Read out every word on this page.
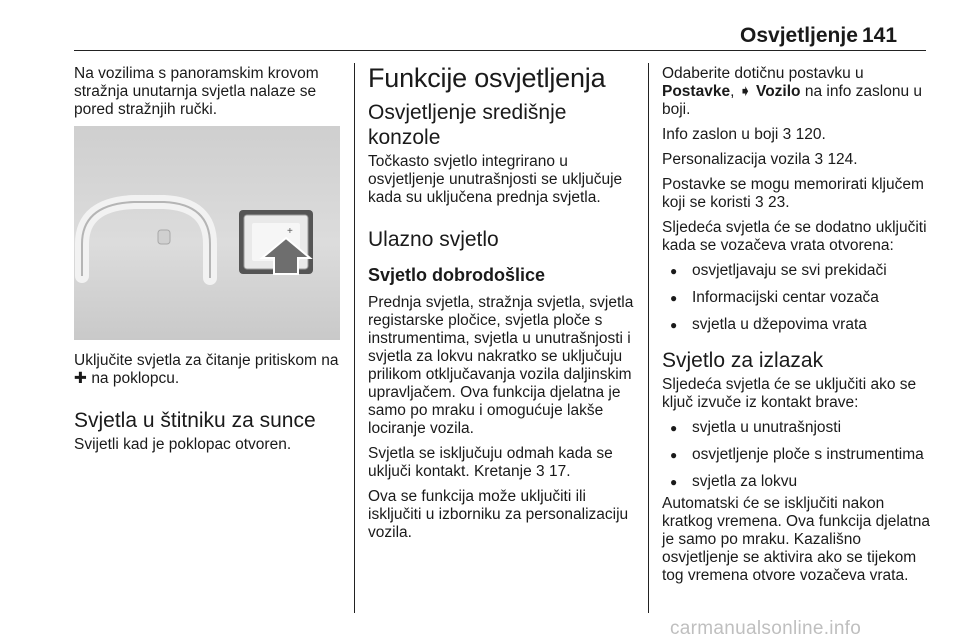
Osvjetljenje 141

Na vozilima s panoramskim krovom stražnja unutarnja svjetla nalaze se pored stražnjih ručki.

+

Uključite svjetla za čitanje pritiskom na ✚ na poklopcu.

Svjetla u štitniku za sunce

Svijetli kad je poklopac otvoren.

Funkcije osvjetljenja
Osvjetljenje središnje konzole

Točkasto svjetlo integrirano u osvjetljenje unutrašnjosti se uključuje kada su uključena prednja svjetla.

Ulazno svjetlo
Svjetlo dobrodošlice

Prednja svjetla, stražnja svjetla, svjetla registarske pločice, svjetla ploče s instrumentima, svjetla u unutrašnjosti i svjetla za lokvu nakratko se uključuju prilikom otključavanja vozila daljinskim upravljačem. Ova funkcija djelatna je samo po mraku i omogućuje lakše lociranje vozila.

Svjetla se isključuju odmah kada se uključi kontakt. Kretanje 3 17.

Ova se funkcija može uključiti ili isključiti u izborniku za personalizaciju vozila.

Odaberite dotičnu postavku u Postavke, ➧ Vozilo na info zaslonu u boji.

Info zaslon u boji 3 120.

Personalizacija vozila 3 124.

Postavke se mogu memorirati ključem koji se koristi 3 23.

Sljedeća svjetla će se dodatno uključiti kada se vozačeva vrata otvorena:

● osvjetljavaju se svi prekidači
● Informacijski centar vozača
● svjetla u džepovima vrata
Svjetlo za izlazak

Sljedeća svjetla će se uključiti ako se ključ izvuče iz kontakt brave:

● svjetla u unutrašnjosti
● osvjetljenje ploče s instrumentima
● svjetla za lokvu

Automatski će se isključiti nakon kratkog vremena. Ova funkcija djelatna je samo po mraku. Kazališno osvjetljenje se aktivira ako se tijekom tog vremena otvore vozačeva vrata.

carmanualsonline.info
